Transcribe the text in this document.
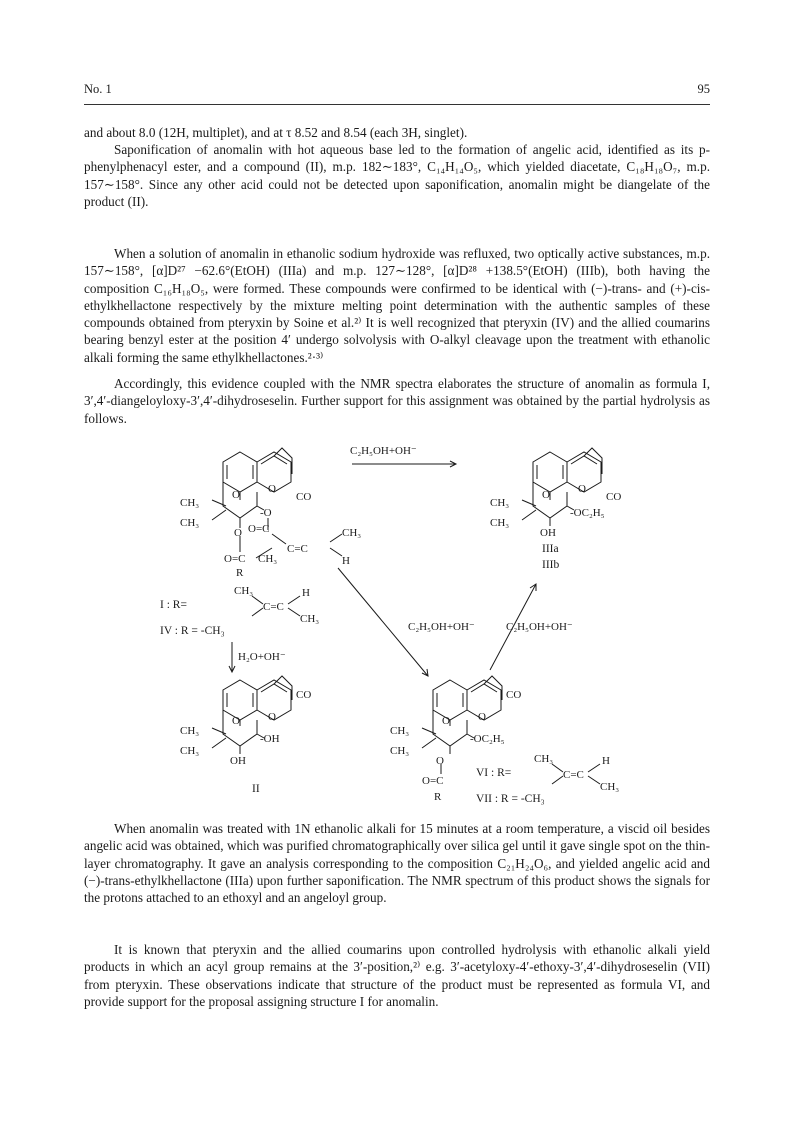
No. 1	95

and about 8.0 (12H, multiplet), and at τ 8.52 and 8.54 (each 3H, singlet).

Saponification of anomalin with hot aqueous base led to the formation of angelic acid, identified as its p-phenylphenacyl ester, and a compound (II), m.p. 182∼183°, C₁₄H₁₄O₅, which yielded diacetate, C₁₈H₁₈O₇, m.p. 157∼158°. Since any other acid could not be detected upon saponification, anomalin might be diangelate of the product (II).

When a solution of anomalin in ethanolic sodium hydroxide was refluxed, two optically active substances, m.p. 157∼158°, [α]D²⁷ −62.6°(EtOH) (IIIa) and m.p. 127∼128°, [α]D²⁸ +138.5°(EtOH) (IIIb), both having the composition C₁₆H₁₈O₅, were formed. These compounds were confirmed to be identical with (−)-trans- and (+)-cis-ethylkhellactone respectively by the mixture melting point determination with the authentic samples of these compounds obtained from pteryxin by Soine et al.²⁾ It is well recognized that pteryxin (IV) and the allied coumarins bearing benzyl ester at the position 4′ undergo solvolysis with O-alkyl cleavage upon the treatment with ethanolic alkali forming the same ethylkhellactones.²·³⁾

Accordingly, this evidence coupled with the NMR spectra elaborates the structure of anomalin as formula I, 3′,4′-diangeloyloxy-3′,4′-dihydroseselin. Further support for this assignment was obtained by the partial hydrolysis as follows.

CO
O	O
CH₃
CH₃
-O
O O=C
C=C
CH₃
H
O=C CH₃
R
I : R=
CH₃
C=C
H
CH₃
IV : R = -CH₃
H₂O+OH⁻
CO
O	O
CH₃
CH₃
-OH
OH
II
C₂H₅OH+OH⁻
CO
O	O
CH₃
CH₃
-OC₂H₅
OH
IIIa
IIIb
C₂H₅OH+OH⁻	C₂H₅OH+OH⁻
CO
O	O
CH₃
CH₃
-OC₂H₅
O
O=C
R
VI : R=
CH₃
C=C
H
CH₃
VII : R = -CH₃

When anomalin was treated with 1N ethanolic alkali for 15 minutes at a room temperature, a viscid oil besides angelic acid was obtained, which was purified chromatographically over silica gel until it gave single spot on the thin-layer chromatography. It gave an analysis corresponding to the composition C₂₁H₂₄O₆, and yielded angelic acid and (−)-trans-ethylkhellactone (IIIa) upon further saponification. The NMR spectrum of this product shows the signals for the protons attached to an ethoxyl and an angeloyl group.

It is known that pteryxin and the allied coumarins upon controlled hydrolysis with ethanolic alkali yield products in which an acyl group remains at the 3′-position,²⁾ e.g. 3′-acetyloxy-4′-ethoxy-3′,4′-dihydroseselin (VII) from pteryxin. These observations indicate that structure of the product must be represented as formula VI, and provide support for the proposal assigning structure I for anomalin.
